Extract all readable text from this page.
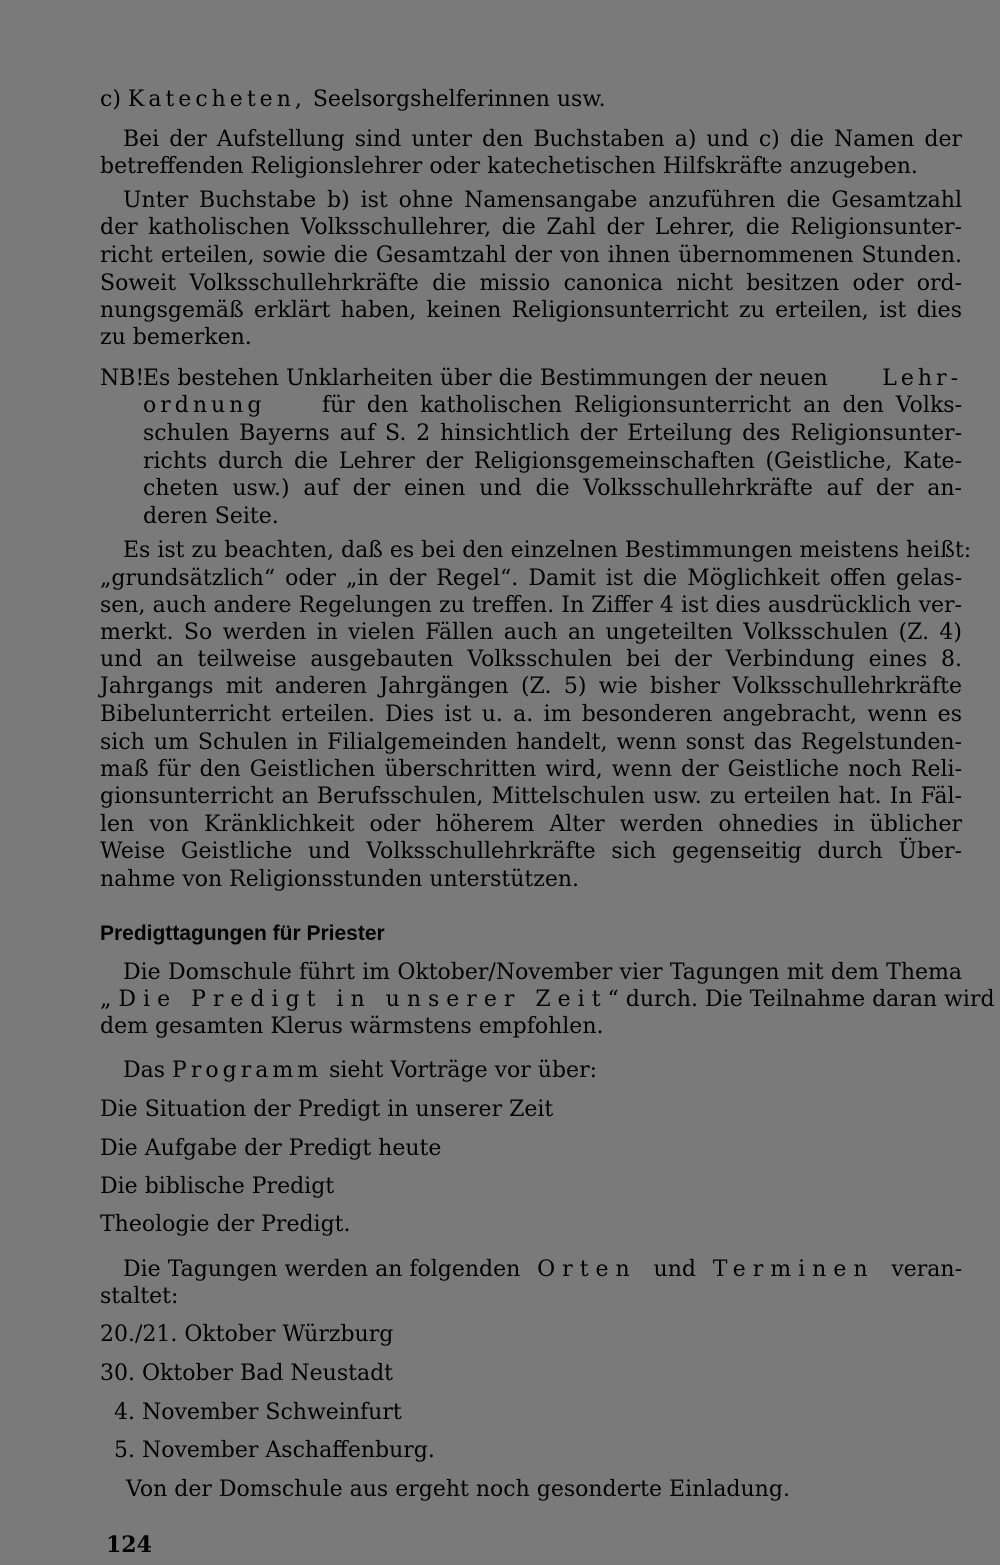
c) Katecheten, Seelsorgshelferinnen usw.
Bei der Aufstellung sind unter den Buchstaben a) und c) die Namen der
betreffenden Religionslehrer oder katechetischen Hilfskräfte anzugeben.
Unter Buchstabe b) ist ohne Namensangabe anzuführen die Gesamtzahl
der katholischen Volksschullehrer, die Zahl der Lehrer, die Religionsunter-
richt erteilen, sowie die Gesamtzahl der von ihnen übernommenen Stunden.
Soweit Volksschullehrkräfte die missio canonica nicht besitzen oder ord-
nungsgemäß erklärt haben, keinen Religionsunterricht zu erteilen, ist dies
zu bemerken.
NB!
Es bestehen Unklarheiten über die Bestimmungen der neuen Lehr-
ordnung	für den katholischen Religionsunterricht an den Volks-
schulen Bayerns auf S. 2 hinsichtlich der Erteilung des Religionsunter-
richts durch die Lehrer der Religionsgemeinschaften (Geistliche, Kate-
cheten usw.) auf der einen und die Volksschullehrkräfte auf der an-
deren Seite.
Es ist zu beachten, daß es bei den einzelnen Bestimmungen meistens heißt:
„grundsätzlich“ oder „in der Regel“. Damit ist die Möglichkeit offen gelas-
sen, auch andere Regelungen zu treffen. In Ziffer 4 ist dies ausdrücklich ver-
merkt. So werden in vielen Fällen auch an ungeteilten Volksschulen (Z. 4)
und an teilweise ausgebauten Volksschulen bei der Verbindung eines 8.
Jahrgangs mit anderen Jahrgängen (Z. 5) wie bisher Volksschullehrkräfte
Bibelunterricht erteilen. Dies ist u. a. im besonderen angebracht, wenn es
sich um Schulen in Filialgemeinden handelt, wenn sonst das Regelstunden-
maß für den Geistlichen überschritten wird, wenn der Geistliche noch Reli-
gionsunterricht an Berufsschulen, Mittelschulen usw. zu erteilen hat. In Fäl-
len von Kränklichkeit oder höherem Alter werden ohnedies in üblicher
Weise Geistliche und Volksschullehrkräfte sich gegenseitig durch Über-
nahme von Religionsstunden unterstützen.
Predigttagungen für Priester
Die Domschule führt im Oktober/November vier Tagungen mit dem Thema
„Die Predigt in unserer Zeit“ durch. Die Teilnahme daran wird
dem gesamten Klerus wärmstens empfohlen.
Das Programm sieht Vorträge vor über:
Die Situation der Predigt in unserer Zeit
Die Aufgabe der Predigt heute
Die biblische Predigt
Theologie der Predigt.
Die Tagungen werden an folgenden Orten und Terminen veran-
staltet:
20./21. Oktober Würzburg
30. Oktober Bad Neustadt
4. November Schweinfurt
5. November Aschaffenburg.
Von der Domschule aus ergeht noch gesonderte Einladung.
124
